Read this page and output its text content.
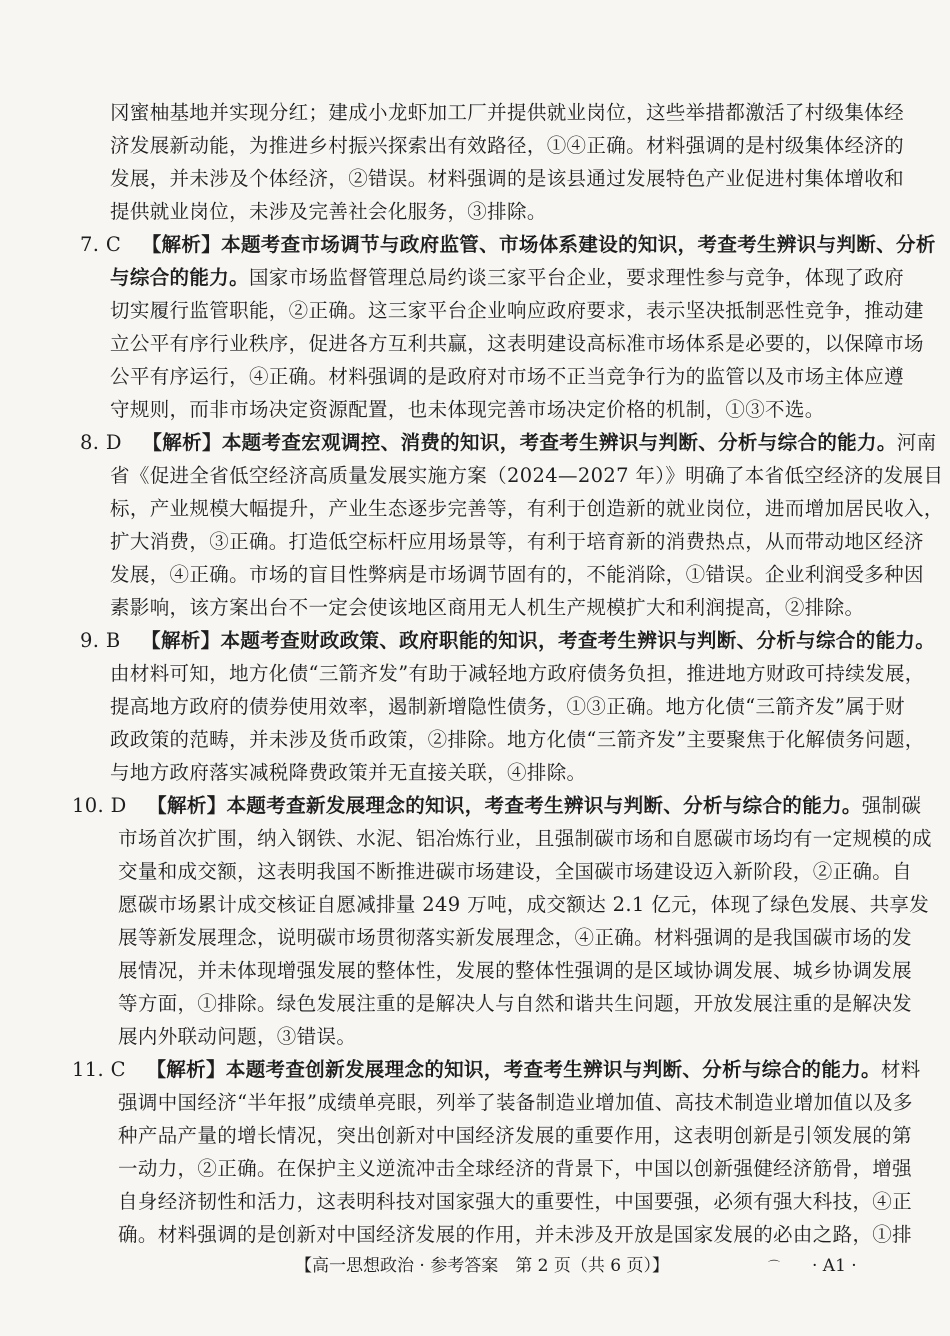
冈蜜柚基地并实现分红；建成小龙虾加工厂并提供就业岗位，这些举措都激活了村级集体经
济发展新动能，为推进乡村振兴探索出有效路径，①④正确。材料强调的是村级集体经济的
发展，并未涉及个体经济，②错误。材料强调的是该县通过发展特色产业促进村集体增收和
提供就业岗位，未涉及完善社会化服务，③排除。
7. C 【解析】本题考查市场调节与政府监管、市场体系建设的知识，考查考生辨识与判断、分析
与综合的能力。国家市场监督管理总局约谈三家平台企业，要求理性参与竞争，体现了政府
切实履行监管职能，②正确。这三家平台企业响应政府要求，表示坚决抵制恶性竞争，推动建
立公平有序行业秩序，促进各方互利共赢，这表明建设高标准市场体系是必要的，以保障市场
公平有序运行，④正确。材料强调的是政府对市场不正当竞争行为的监管以及市场主体应遵
守规则，而非市场决定资源配置，也未体现完善市场决定价格的机制，①③不选。
8. D 【解析】本题考查宏观调控、消费的知识，考查考生辨识与判断、分析与综合的能力。河南
省《促进全省低空经济高质量发展实施方案（2024—2027 年）》明确了本省低空经济的发展目
标，产业规模大幅提升，产业生态逐步完善等，有利于创造新的就业岗位，进而增加居民收入，
扩大消费，③正确。打造低空标杆应用场景等，有利于培育新的消费热点，从而带动地区经济
发展，④正确。市场的盲目性弊病是市场调节固有的，不能消除，①错误。企业利润受多种因
素影响，该方案出台不一定会使该地区商用无人机生产规模扩大和利润提高，②排除。
9. B 【解析】本题考查财政政策、政府职能的知识，考查考生辨识与判断、分析与综合的能力。
由材料可知，地方化债“三箭齐发”有助于减轻地方政府债务负担，推进地方财政可持续发展，
提高地方政府的债券使用效率，遏制新增隐性债务，①③正确。地方化债“三箭齐发”属于财
政政策的范畴，并未涉及货币政策，②排除。地方化债“三箭齐发”主要聚焦于化解债务问题，
与地方政府落实减税降费政策并无直接关联，④排除。
10. D 【解析】本题考查新发展理念的知识，考查考生辨识与判断、分析与综合的能力。强制碳
市场首次扩围，纳入钢铁、水泥、铝冶炼行业，且强制碳市场和自愿碳市场均有一定规模的成
交量和成交额，这表明我国不断推进碳市场建设，全国碳市场建设迈入新阶段，②正确。自
愿碳市场累计成交核证自愿减排量 249 万吨，成交额达 2.1 亿元，体现了绿色发展、共享发
展等新发展理念，说明碳市场贯彻落实新发展理念，④正确。材料强调的是我国碳市场的发
展情况，并未体现增强发展的整体性，发展的整体性强调的是区域协调发展、城乡协调发展
等方面，①排除。绿色发展注重的是解决人与自然和谐共生问题，开放发展注重的是解决发
展内外联动问题，③错误。
11. C 【解析】本题考查创新发展理念的知识，考查考生辨识与判断、分析与综合的能力。材料
强调中国经济“半年报”成绩单亮眼，列举了装备制造业增加值、高技术制造业增加值以及多
种产品产量的增长情况，突出创新对中国经济发展的重要作用，这表明创新是引领发展的第
一动力，②正确。在保护主义逆流冲击全球经济的背景下，中国以创新强健经济筋骨，增强
自身经济韧性和活力，这表明科技对国家强大的重要性，中国要强，必须有强大科技，④正
确。材料强调的是创新对中国经济发展的作用，并未涉及开放是国家发展的必由之路，①排
【高一思想政治 · 参考答案　第 2 页（共 6 页）】	⌒ · A1 ·
